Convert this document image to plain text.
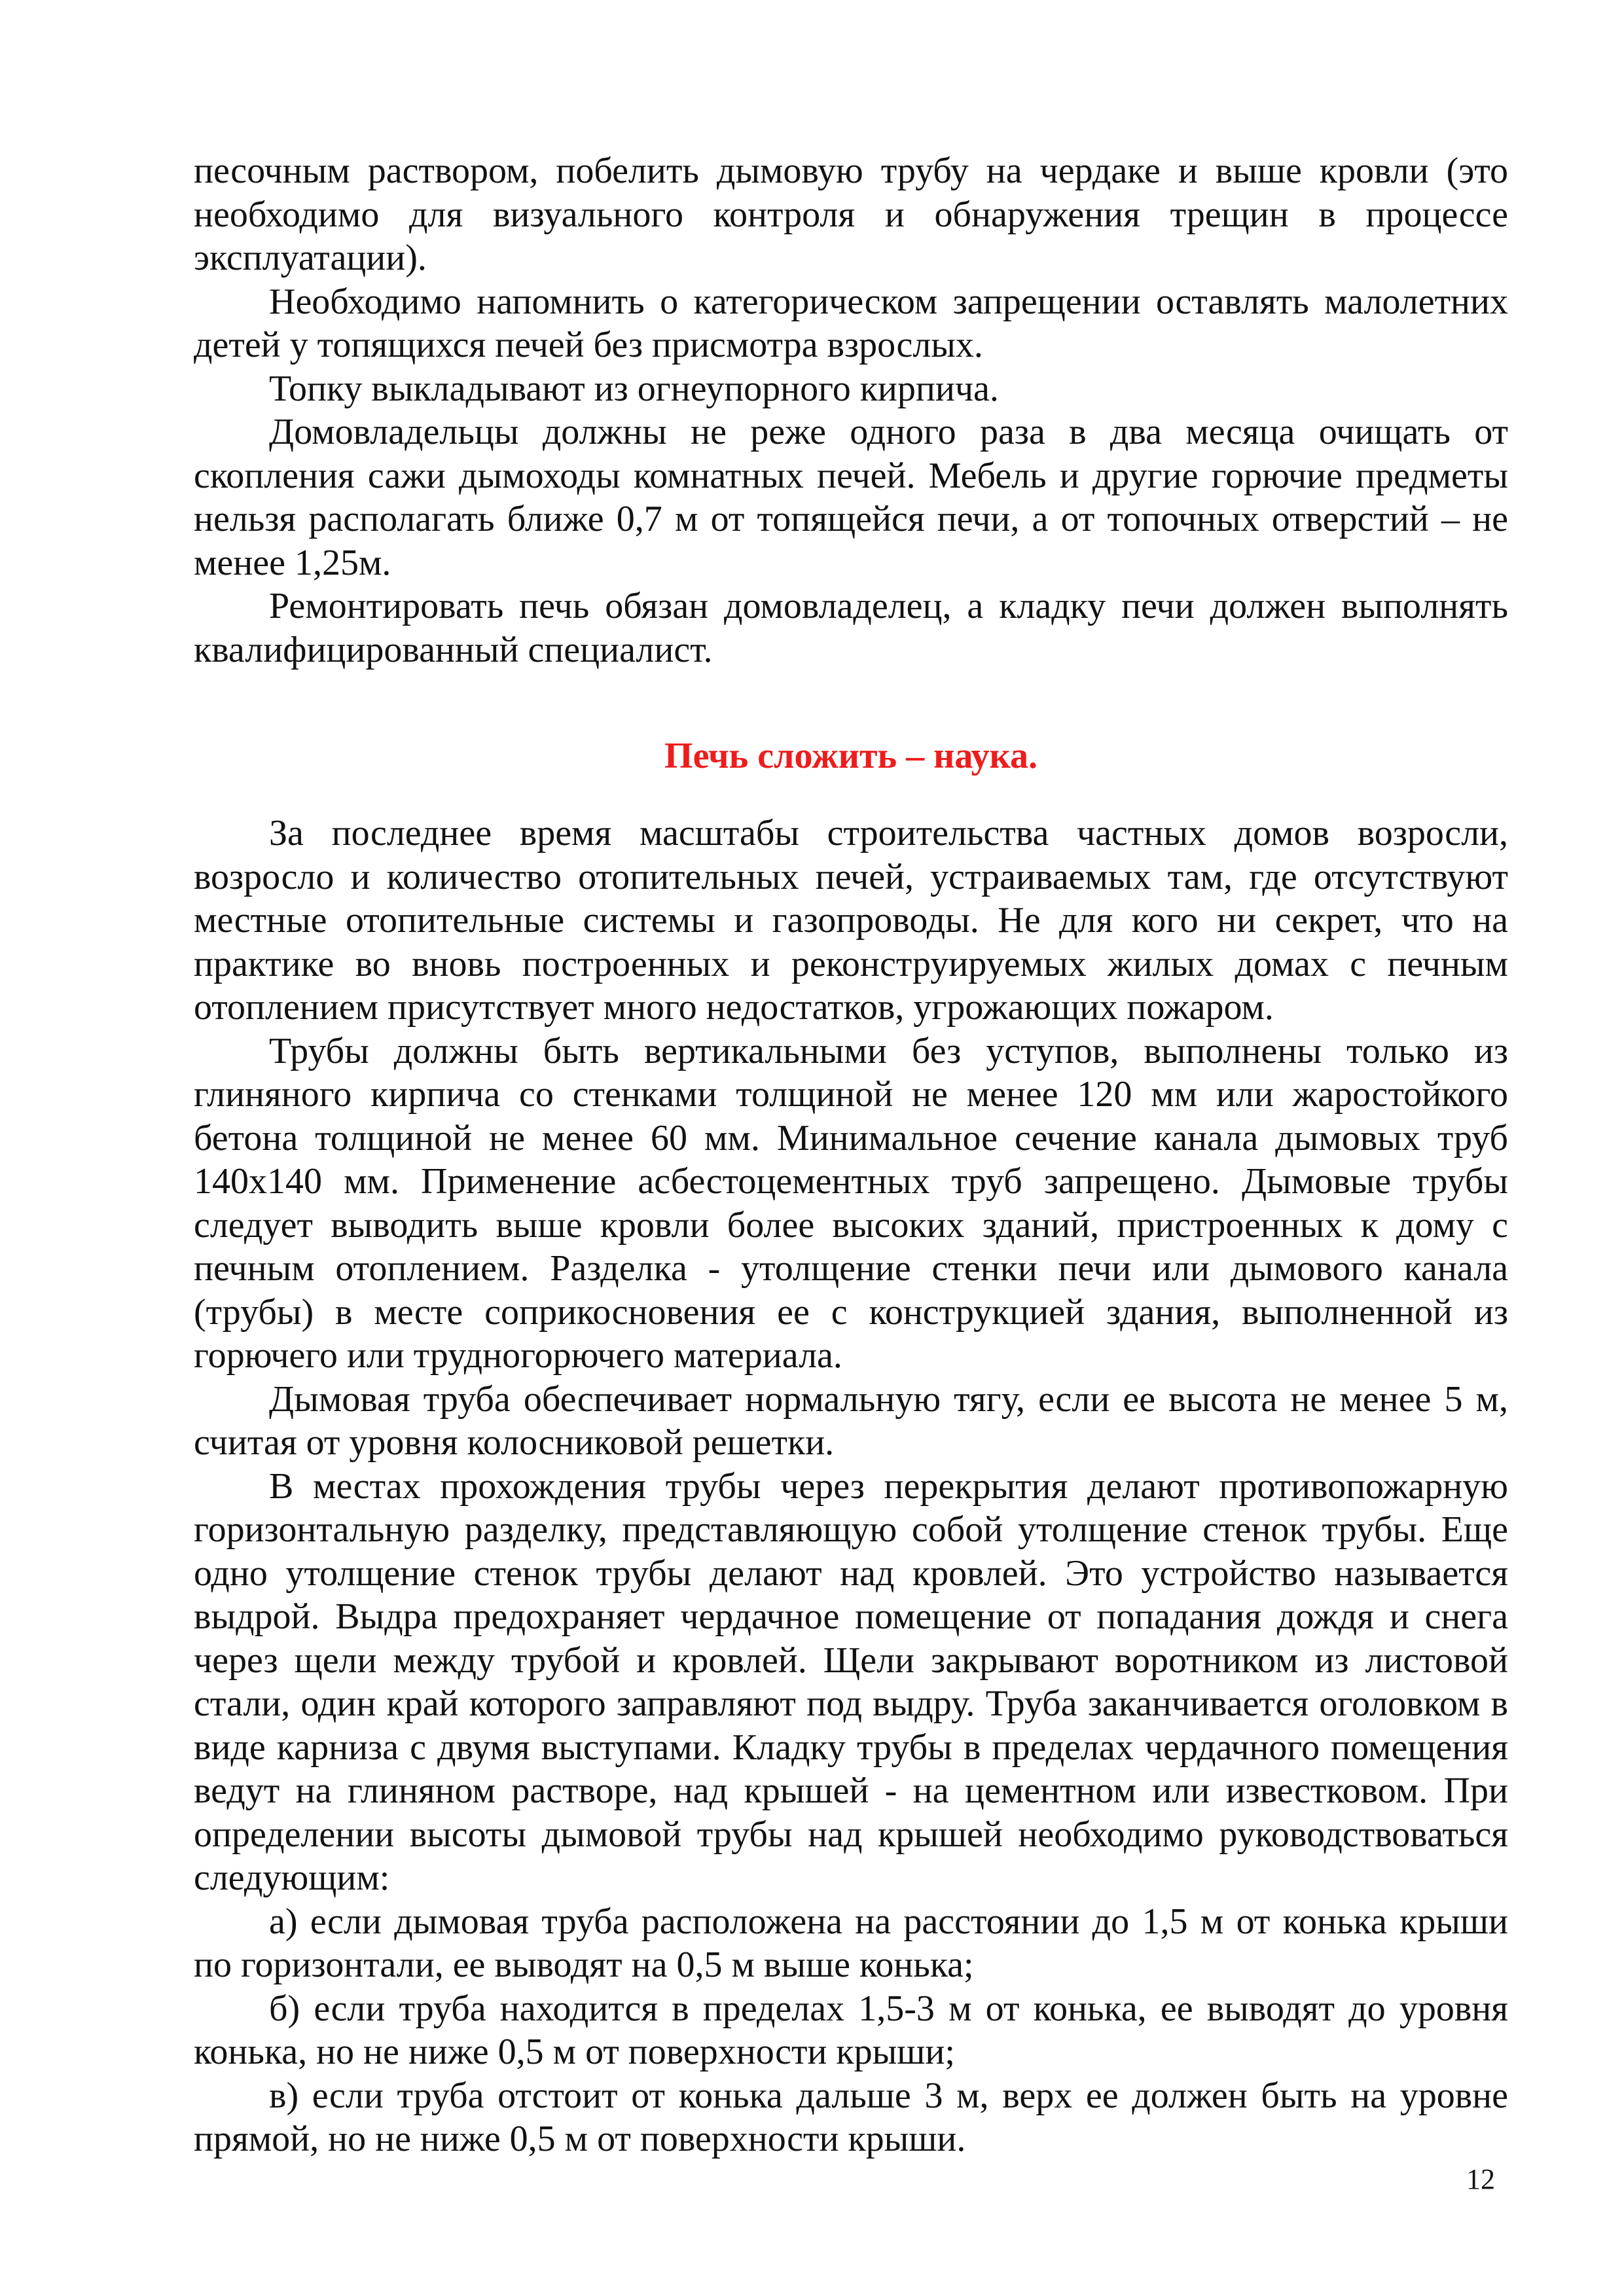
песочным раствором, побелить дымовую трубу на чердаке и выше кровли (это необходимо для визуального контроля и обнаружения трещин в процессе эксплуатации).

Необходимо напомнить о категорическом запрещении оставлять малолетних детей у топящихся печей без присмотра взрослых.

Топку выкладывают из огнеупорного кирпича.

Домовладельцы должны не реже одного раза в два месяца очищать от скопления сажи дымоходы комнатных печей. Мебель и другие горючие предметы нельзя располагать ближе 0,7 м от топящейся печи, а от топочных отверстий – не менее 1,25м.

Ремонтировать печь обязан домовладелец, а кладку печи должен выполнять квалифицированный специалист.

Печь сложить – наука.

За последнее время масштабы строительства частных домов возросли, возросло и количество отопительных печей, устраиваемых там, где отсутствуют местные отопительные системы и газопроводы. Не для кого ни секрет, что на практике во вновь построенных и реконструируемых жилых домах с печным отоплением присутствует много недостатков, угрожающих пожаром.

Трубы должны быть вертикальными без уступов, выполнены только из глиняного кирпича со стенками толщиной не менее 120 мм или жаростойкого бетона толщиной не менее 60 мм. Минимальное сечение канала дымовых труб 140х140 мм. Применение асбестоцементных труб запрещено. Дымовые трубы следует выводить выше кровли более высоких зданий, пристроенных к дому с печным отоплением. Разделка - утолщение стенки печи или дымового канала (трубы) в месте соприкосновения ее с конструкцией здания, выполненной из горючего или трудногорючего материала.

Дымовая труба обеспечивает нормальную тягу, если ее высота не менее 5 м, считая от уровня колосниковой решетки.

В местах прохождения трубы через перекрытия делают противопожарную горизонтальную разделку, представляющую собой утолщение стенок трубы. Еще одно утолщение стенок трубы делают над кровлей. Это устройство называется выдрой. Выдра предохраняет чердачное помещение от попадания дождя и снега через щели между трубой и кровлей. Щели закрывают воротником из листовой стали, один край которого заправляют под выдру. Труба заканчивается оголовком в виде карниза с двумя выступами. Кладку трубы в пределах чердачного помещения ведут на глиняном растворе, над крышей - на цементном или известковом. При определении высоты дымовой трубы над крышей необходимо руководствоваться следующим:

а) если дымовая труба расположена на расстоянии до 1,5 м от конька крыши по горизонтали, ее выводят на 0,5 м выше конька;

б) если труба находится в пределах 1,5-3 м от конька, ее выводят до уровня конька, но не ниже 0,5 м от поверхности крыши;

в) если труба отстоит от конька дальше 3 м, верх ее должен быть на уровне прямой, но не ниже 0,5 м от поверхности крыши.

12
